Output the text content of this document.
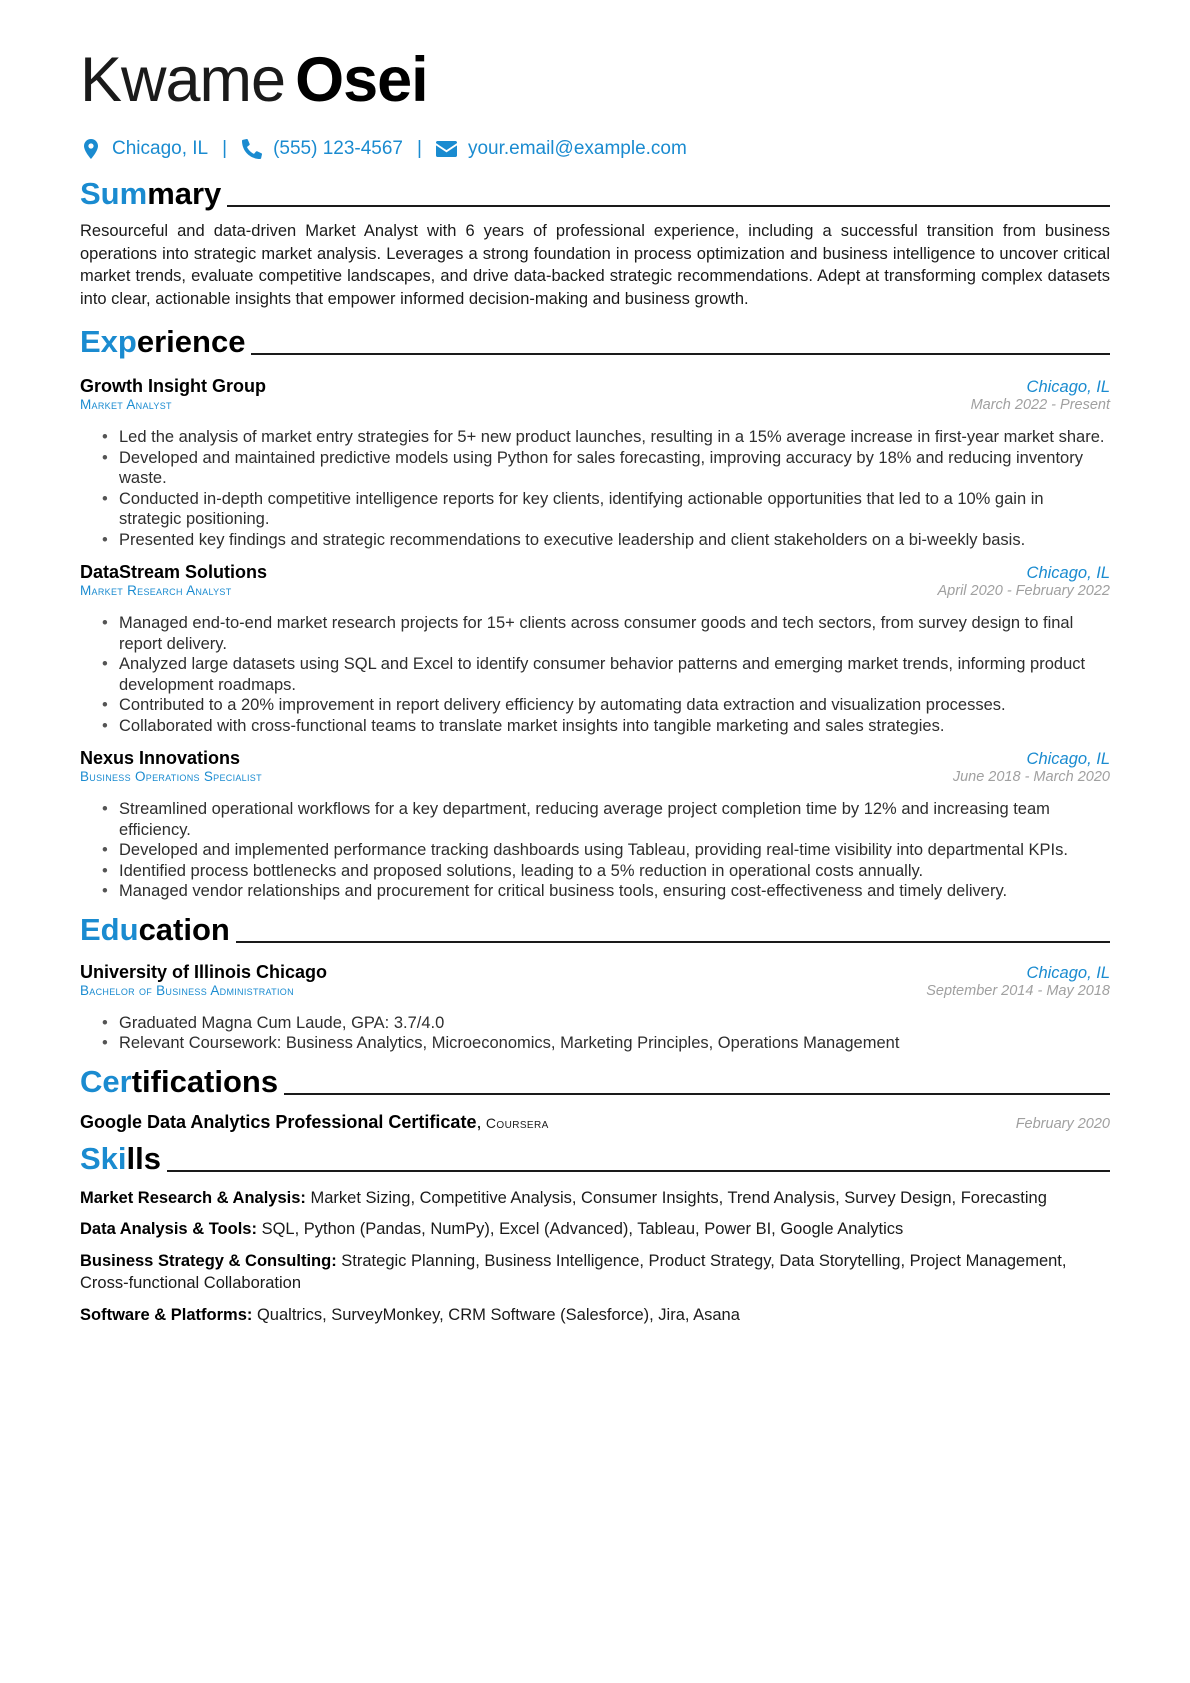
Kwame Osei
Chicago, IL | (555) 123-4567 | your.email@example.com
Summary

Resourceful and data-driven Market Analyst with 6 years of professional experience, including a successful transition from business operations into strategic market analysis. Leverages a strong foundation in process optimization and business intelligence to uncover critical market trends, evaluate competitive landscapes, and drive data-backed strategic recommendations. Adept at transforming complex datasets into clear, actionable insights that empower informed decision-making and business growth.

Experience
Growth Insight Group	Chicago, IL
Market Analyst	March 2022 - Present
• Led the analysis of market entry strategies for 5+ new product launches, resulting in a 15% average increase in first-year market share.
• Developed and maintained predictive models using Python for sales forecasting, improving accuracy by 18% and reducing inventory waste.
• Conducted in-depth competitive intelligence reports for key clients, identifying actionable opportunities that led to a 10% gain in strategic positioning.
• Presented key findings and strategic recommendations to executive leadership and client stakeholders on a bi-weekly basis.
DataStream Solutions	Chicago, IL
Market Research Analyst	April 2020 - February 2022
• Managed end-to-end market research projects for 15+ clients across consumer goods and tech sectors, from survey design to final report delivery.
• Analyzed large datasets using SQL and Excel to identify consumer behavior patterns and emerging market trends, informing product development roadmaps.
• Contributed to a 20% improvement in report delivery efficiency by automating data extraction and visualization processes.
• Collaborated with cross-functional teams to translate market insights into tangible marketing and sales strategies.
Nexus Innovations	Chicago, IL
Business Operations Specialist	June 2018 - March 2020
• Streamlined operational workflows for a key department, reducing average project completion time by 12% and increasing team efficiency.
• Developed and implemented performance tracking dashboards using Tableau, providing real-time visibility into departmental KPIs.
• Identified process bottlenecks and proposed solutions, leading to a 5% reduction in operational costs annually.
• Managed vendor relationships and procurement for critical business tools, ensuring cost-effectiveness and timely delivery.
Education
University of Illinois Chicago	Chicago, IL
Bachelor of Business Administration	September 2014 - May 2018
• Graduated Magna Cum Laude, GPA: 3.7/4.0
• Relevant Coursework: Business Analytics, Microeconomics, Marketing Principles, Operations Management
Certifications
Google Data Analytics Professional Certificate, Coursera	February 2020
Skills
Market Research & Analysis: Market Sizing, Competitive Analysis, Consumer Insights, Trend Analysis, Survey Design, Forecasting
Data Analysis & Tools: SQL, Python (Pandas, NumPy), Excel (Advanced), Tableau, Power BI, Google Analytics
Business Strategy & Consulting: Strategic Planning, Business Intelligence, Product Strategy, Data Storytelling, Project Management, Cross-functional Collaboration
Software & Platforms: Qualtrics, SurveyMonkey, CRM Software (Salesforce), Jira, Asana
